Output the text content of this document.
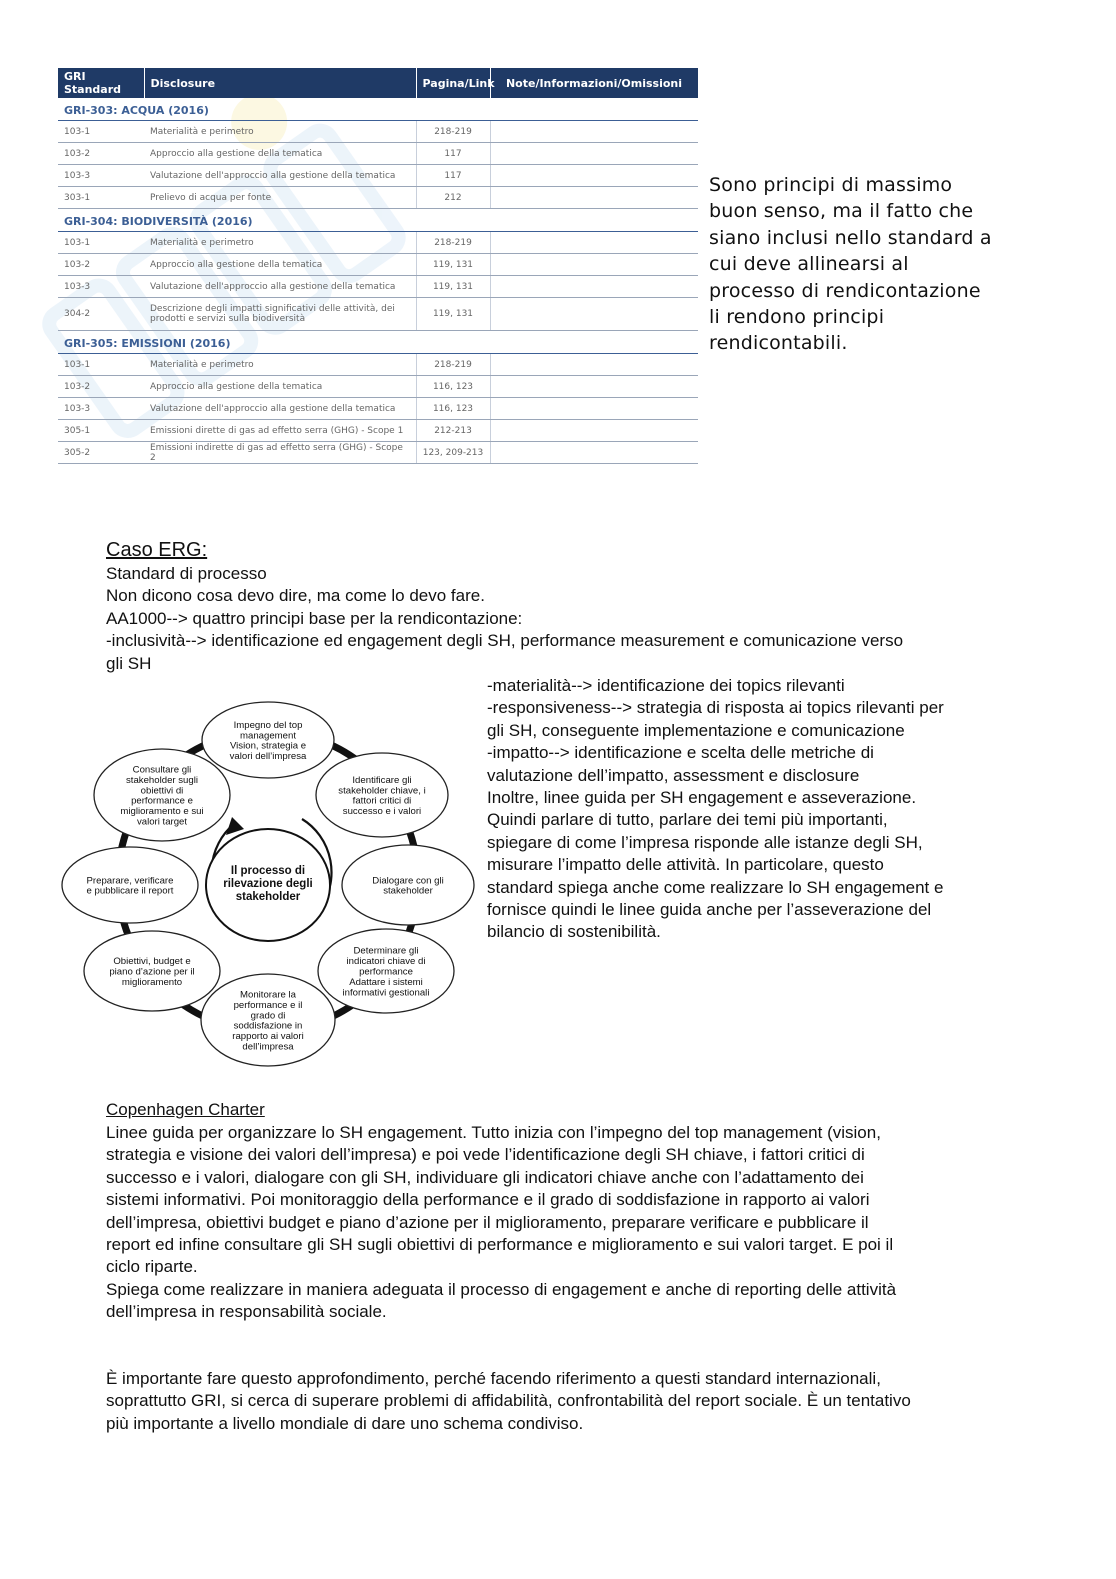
GRI Standard	Disclosure	Pagina/Link	Note/Informazioni/Omissioni
GRI-303: ACQUA (2016)			
103-1	Materialità e perimetro	218-219	
103-2	Approccio alla gestione della tematica	117	
103-3	Valutazione dell'approccio alla gestione della tematica	117	
303-1	Prelievo di acqua per fonte	212	
GRI-304: BIODIVERSITÀ (2016)			
103-1	Materialità e perimetro	218-219	
103-2	Approccio alla gestione della tematica	119, 131	
103-3	Valutazione dell'approccio alla gestione della tematica	119, 131	
304-2	Descrizione degli impatti significativi delle attività, dei prodotti e servizi sulla biodiversità	119, 131	
GRI-305: EMISSIONI (2016)			
103-1	Materialità e perimetro	218-219	
103-2	Approccio alla gestione della tematica	116, 123	
103-3	Valutazione dell'approccio alla gestione della tematica	116, 123	
305-1	Emissioni dirette di gas ad effetto serra (GHG) - Scope 1	212-213	
305-2	Emissioni indirette di gas ad effetto serra (GHG) - Scope 2	123, 209-213	
Sono principi di massimo
buon senso, ma il fatto che
siano inclusi nello standard a
cui deve allinearsi al
processo di rendicontazione
li rendono principi
rendicontabili.
Caso ERG:
Standard di processo
Non dicono cosa devo dire, ma come lo devo fare.
AA1000--> quattro principi base per la rendicontazione:
-inclusività--> identificazione ed engagement degli SH, performance measurement e comunicazione verso
gli SH
-materialità--> identificazione dei topics rilevanti
-responsiveness--> strategia di risposta ai topics rilevanti per
gli SH, conseguente implementazione e comunicazione
-impatto--> identificazione e scelta delle metriche di
valutazione dell’impatto, assessment e disclosure
Inoltre, linee guida per SH engagement e asseverazione.
Quindi parlare di tutto, parlare dei temi più importanti,
spiegare di come l’impresa risponde alle istanze degli SH,
misurare l’impatto delle attività. In particolare, questo
standard spiega anche come realizzare lo SH engagement e
fornisce quindi le linee guida anche per l’asseverazione del
bilancio di sostenibilità.
Impegno del top
management
Vision, strategia e
valori dell’impresa
Identificare gli
stakeholder chiave, i
fattori critici di
successo e i valori
Dialogare con gli
stakeholder
Determinare gli
indicatori chiave di
performance
Adattare i sistemi
informativi gestionali
Monitorare la
performance e il
grado di
soddisfazione in
rapporto ai valori
dell’impresa
Obiettivi, budget e
piano d’azione per il
miglioramento
Preparare, verificare
e pubblicare il report
Consultare gli
stakeholder sugli
obiettivi di
performance e
miglioramento e sui
valori target
Il processo di
rilevazione degli
stakeholder
Copenhagen Charter
Linee guida per organizzare lo SH engagement. Tutto inizia con l’impegno del top management (vision,
strategia e visione dei valori dell’impresa) e poi vede l’identificazione degli SH chiave, i fattori critici di
successo e i valori, dialogare con gli SH, individuare gli indicatori chiave anche con l’adattamento dei
sistemi informativi. Poi monitoraggio della performance e il grado di soddisfazione in rapporto ai valori
dell’impresa, obiettivi budget e piano d’azione per il miglioramento, preparare verificare e pubblicare il
report ed infine consultare gli SH sugli obiettivi di performance e miglioramento e sui valori target. E poi il
ciclo riparte.
Spiega come realizzare in maniera adeguata il processo di engagement e anche di reporting delle attività
dell’impresa in responsabilità sociale.
È importante fare questo approfondimento, perché facendo riferimento a questi standard internazionali,
soprattutto GRI, si cerca di superare problemi di affidabilità, confrontabilità del report sociale. È un tentativo
più importante a livello mondiale di dare uno schema condiviso.
